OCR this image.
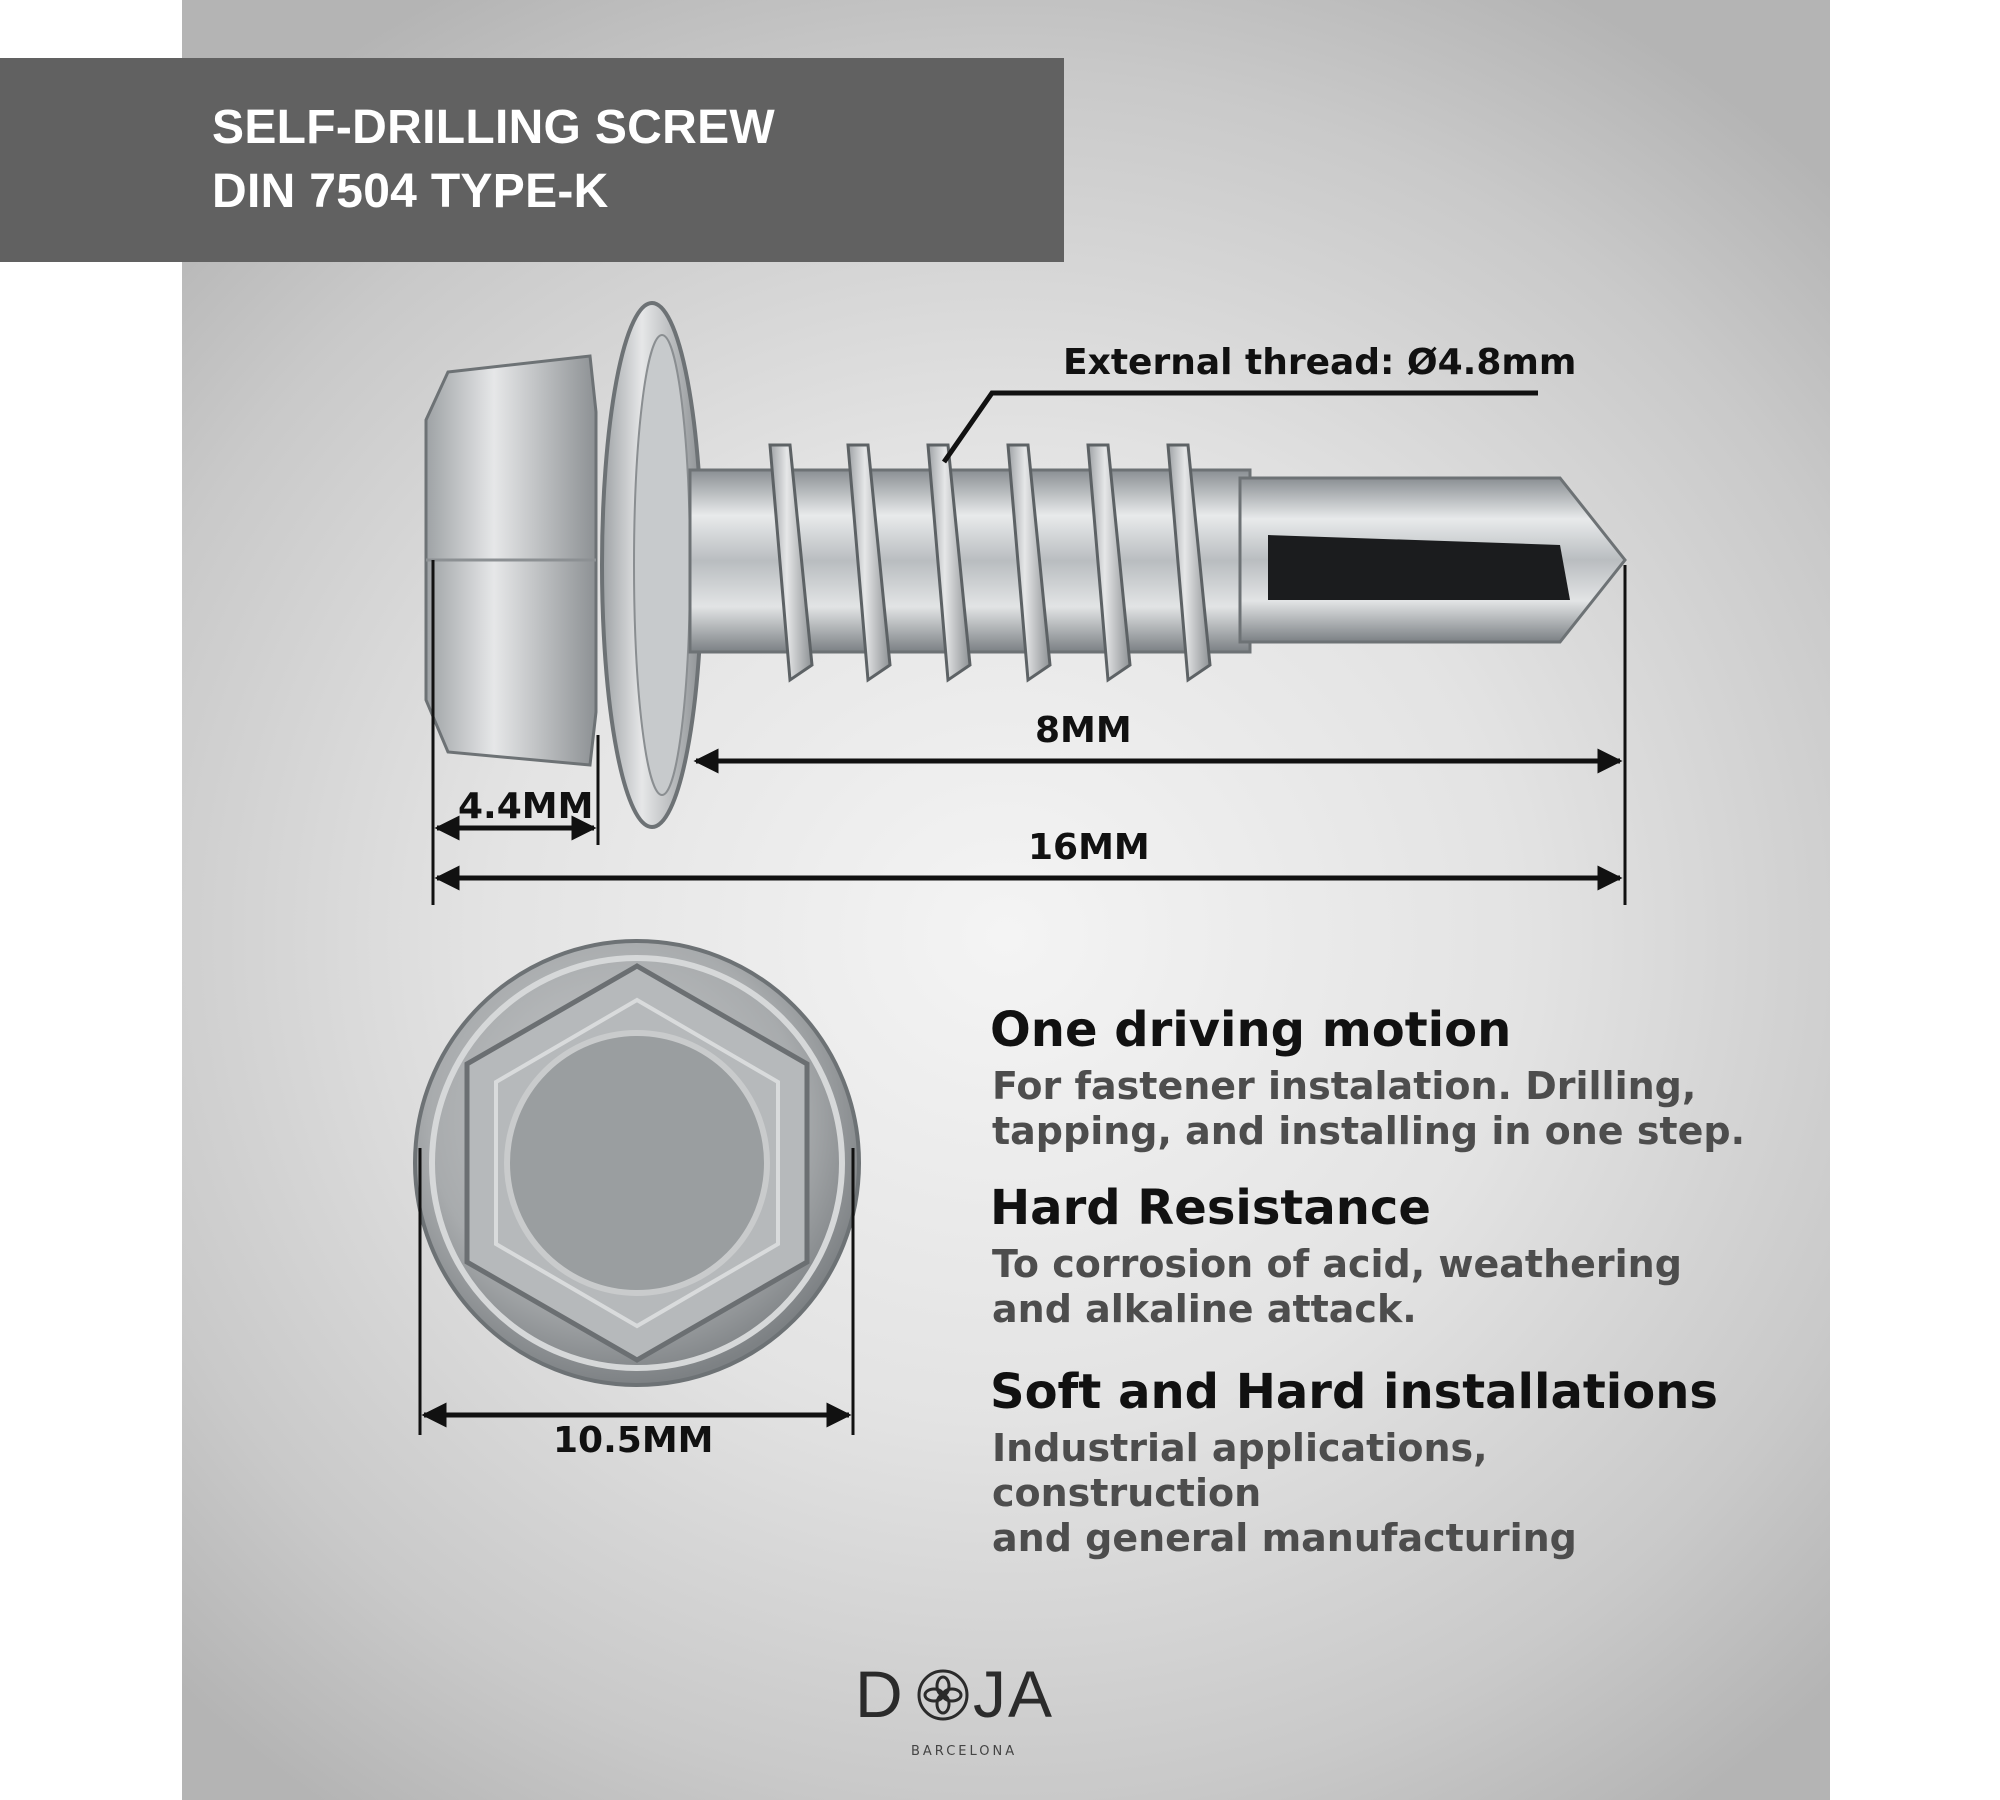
SELF-DRILLING SCREW
DIN 7504 TYPE-K
External thread: Ø4.8mm
8MM
4.4MM
16MM
10.5MM
One driving motion
For fastener instalation. Drilling,
tapping, and installing in one step.
Hard Resistance
To corrosion of acid, weathering
and alkaline attack.
Soft and Hard installations
Industrial applications, construction
and general manufacturing
D JA
BARCELONA
